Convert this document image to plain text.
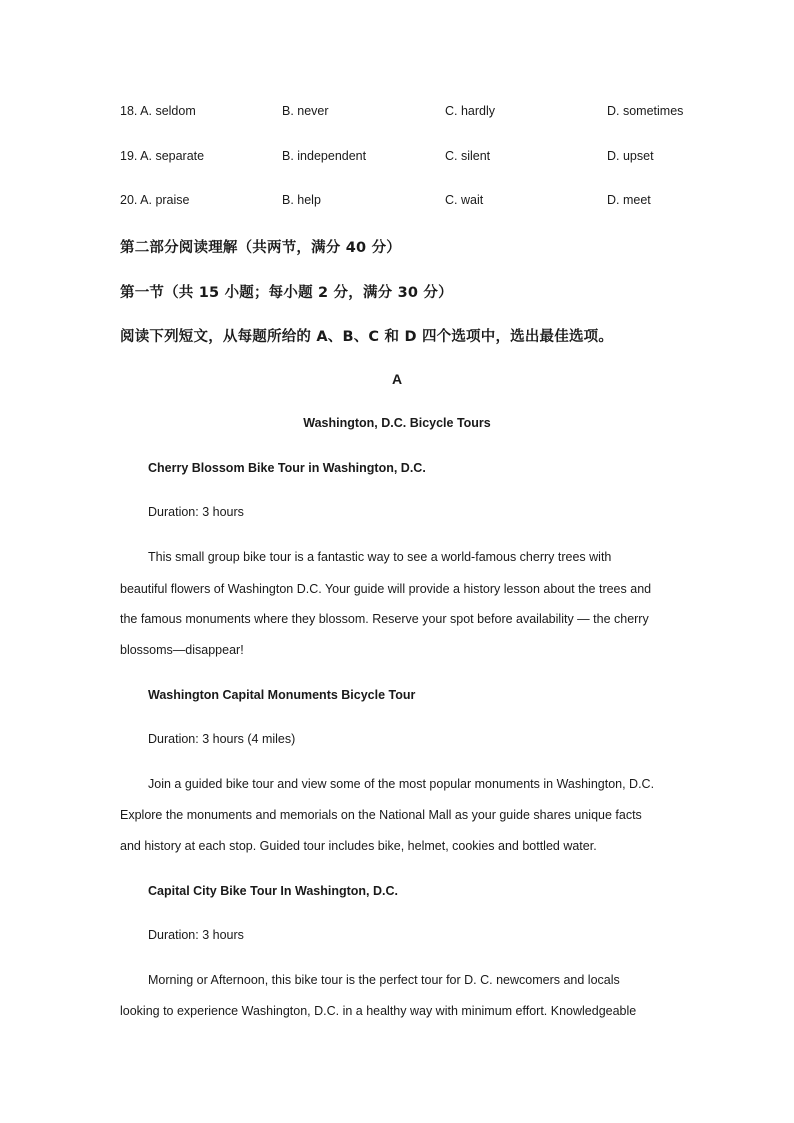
18. A. seldom	B. never	C. hardly	D. sometimes
19. A. separate	B. independent	C. silent	D. upset
20. A. praise	B. help	C. wait	D. meet
第二部分阅读理解（共两节，满分 40 分）
第一节（共 15 小题；每小题 2 分，满分 30 分）
阅读下列短文，从每题所给的 A、B、C 和 D 四个选项中，选出最佳选项。
A
Washington, D.C. Bicycle Tours
Cherry Blossom Bike Tour in Washington, D.C.
Duration: 3 hours
This small group bike tour is a fantastic way to see a world-famous cherry trees with
beautiful flowers of Washington D.C. Your guide will provide a history lesson about the trees and
the famous monuments where they blossom. Reserve your spot before availability — the cherry
blossoms—disappear!
Washington Capital Monuments Bicycle Tour
Duration: 3 hours (4 miles)
Join a guided bike tour and view some of the most popular monuments in Washington, D.C.
Explore the monuments and memorials on the National Mall as your guide shares unique facts
and history at each stop. Guided tour includes bike, helmet, cookies and bottled water.
Capital City Bike Tour In Washington, D.C.
Duration: 3 hours
Morning or Afternoon, this bike tour is the perfect tour for D. C. newcomers and locals
looking to experience Washington, D.C. in a healthy way with minimum effort. Knowledgeable
